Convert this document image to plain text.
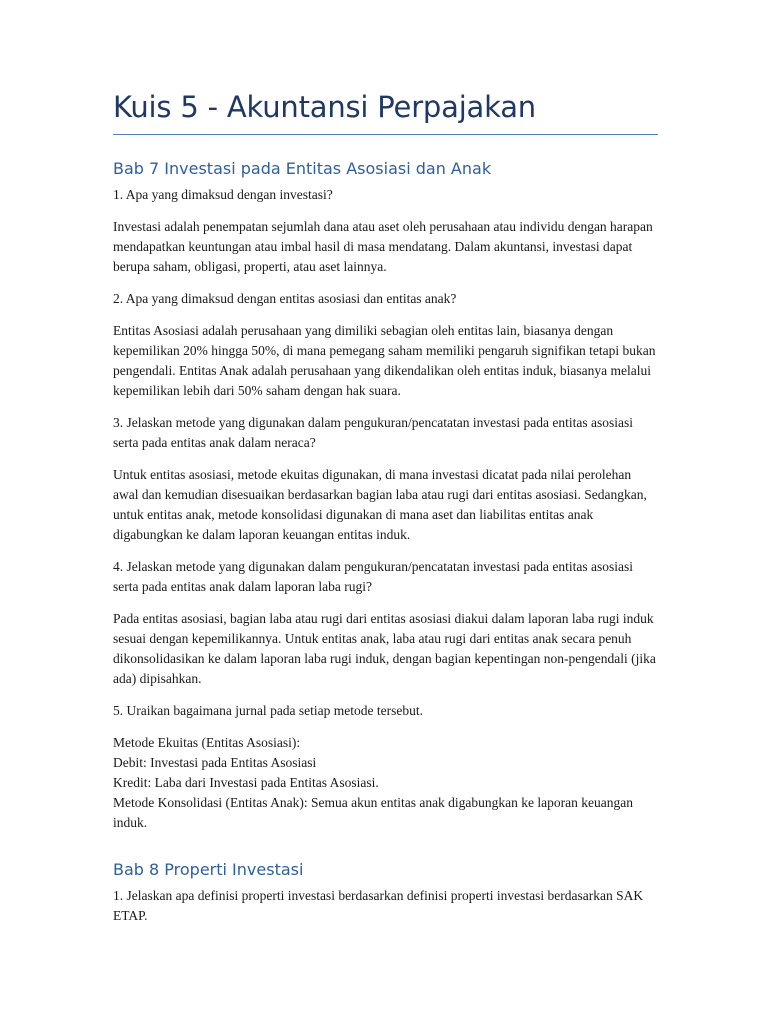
Kuis 5 - Akuntansi Perpajakan
Bab 7 Investasi pada Entitas Asosiasi dan Anak

1. Apa yang dimaksud dengan investasi?

Investasi adalah penempatan sejumlah dana atau aset oleh perusahaan atau individu dengan harapan mendapatkan keuntungan atau imbal hasil di masa mendatang. Dalam akuntansi, investasi dapat berupa saham, obligasi, properti, atau aset lainnya.

2. Apa yang dimaksud dengan entitas asosiasi dan entitas anak?

Entitas Asosiasi adalah perusahaan yang dimiliki sebagian oleh entitas lain, biasanya dengan kepemilikan 20% hingga 50%, di mana pemegang saham memiliki pengaruh signifikan tetapi bukan pengendali. Entitas Anak adalah perusahaan yang dikendalikan oleh entitas induk, biasanya melalui kepemilikan lebih dari 50% saham dengan hak suara.

3. Jelaskan metode yang digunakan dalam pengukuran/pencatatan investasi pada entitas asosiasi serta pada entitas anak dalam neraca?

Untuk entitas asosiasi, metode ekuitas digunakan, di mana investasi dicatat pada nilai perolehan awal dan kemudian disesuaikan berdasarkan bagian laba atau rugi dari entitas asosiasi. Sedangkan, untuk entitas anak, metode konsolidasi digunakan di mana aset dan liabilitas entitas anak digabungkan ke dalam laporan keuangan entitas induk.

4. Jelaskan metode yang digunakan dalam pengukuran/pencatatan investasi pada entitas asosiasi serta pada entitas anak dalam laporan laba rugi?

Pada entitas asosiasi, bagian laba atau rugi dari entitas asosiasi diakui dalam laporan laba rugi induk sesuai dengan kepemilikannya. Untuk entitas anak, laba atau rugi dari entitas anak secara penuh dikonsolidasikan ke dalam laporan laba rugi induk, dengan bagian kepentingan non-pengendali (jika ada) dipisahkan.

5. Uraikan bagaimana jurnal pada setiap metode tersebut.

Metode Ekuitas (Entitas Asosiasi):
Debit: Investasi pada Entitas Asosiasi
Kredit: Laba dari Investasi pada Entitas Asosiasi.
Metode Konsolidasi (Entitas Anak): Semua akun entitas anak digabungkan ke laporan keuangan induk.
Bab 8 Properti Investasi

1. Jelaskan apa definisi properti investasi berdasarkan definisi properti investasi berdasarkan SAK ETAP.
